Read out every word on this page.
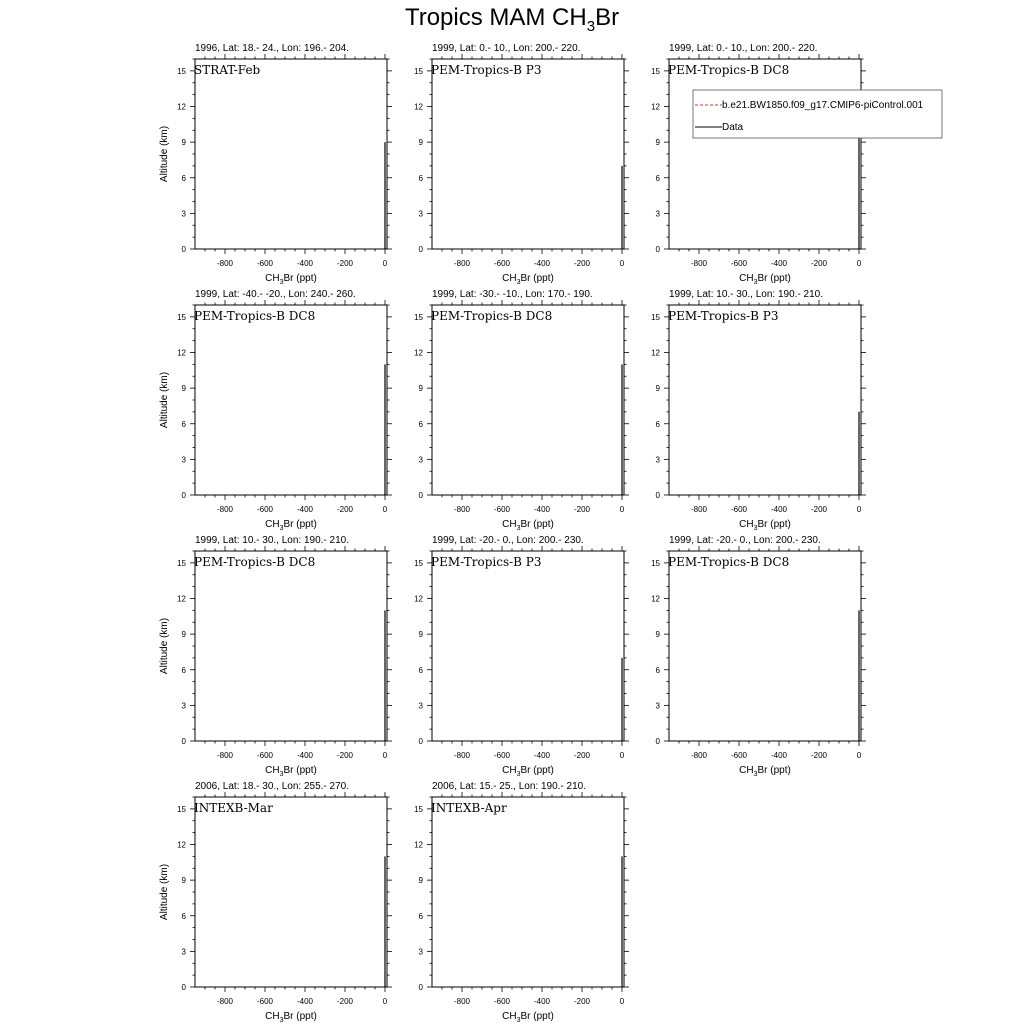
Tropics MAM $CH_3Br$
1996, Lat: 18.- 24., Lon: 196.- 204.
0
3
6
9
12
15
-800	-600	-400	-200	0
$CH_3Br$ (ppt)
Altitude (km)
STRAT-Feb
1999, Lat: 0.- 10., Lon: 200.- 220.
0
3
6
9
12
15
-800	-600	-400	-200	0
$CH_3Br$ (ppt)
PEM-Tropics-B P3
1999, Lat: 0.- 10., Lon: 200.- 220.
0
3
6
9
12
15
-800	-600	-400	-200	0
$CH_3Br$ (ppt)
PEM-Tropics-B DC8
1999, Lat: -40.- -20., Lon: 240.- 260.
0
3
6
9
12
15
-800	-600	-400	-200	0
$CH_3Br$ (ppt)
Altitude (km)
PEM-Tropics-B DC8
1999, Lat: -30.- -10., Lon: 170.- 190.
0
3
6
9
12
15
-800	-600	-400	-200	0
$CH_3Br$ (ppt)
PEM-Tropics-B DC8
1999, Lat: 10.- 30., Lon: 190.- 210.
0
3
6
9
12
15
-800	-600	-400	-200	0
$CH_3Br$ (ppt)
PEM-Tropics-B P3
1999, Lat: 10.- 30., Lon: 190.- 210.
0
3
6
9
12
15
-800	-600	-400	-200	0
$CH_3Br$ (ppt)
Altitude (km)
PEM-Tropics-B DC8
1999, Lat: -20.- 0., Lon: 200.- 230.
0
3
6
9
12
15
-800	-600	-400	-200	0
$CH_3Br$ (ppt)
PEM-Tropics-B P3
1999, Lat: -20.- 0., Lon: 200.- 230.
0
3
6
9
12
15
-800	-600	-400	-200	0
$CH_3Br$ (ppt)
PEM-Tropics-B DC8
2006, Lat: 18.- 30., Lon: 255.- 270.
0
3
6
9
12
15
-800	-600	-400	-200	0
$CH_3Br$ (ppt)
Altitude (km)
INTEXB-Mar
2006, Lat: 15.- 25., Lon: 190.- 210.
0
3
6
9
12
15
-800	-600	-400	-200	0
$CH_3Br$ (ppt)
INTEXB-Apr
b.e21.BW1850.f09_g17.CMIP6-piControl.001
Data
